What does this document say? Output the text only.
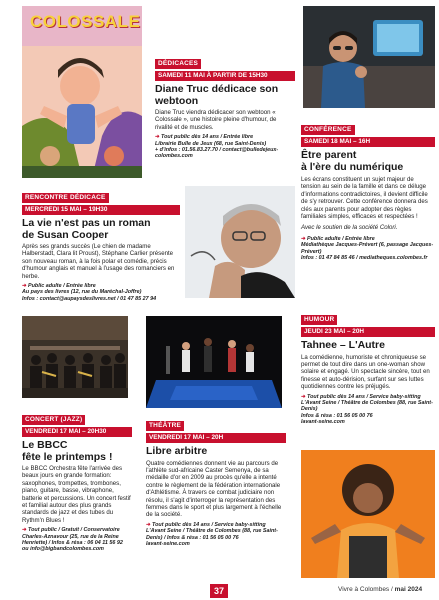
COLOSSALE
DÉDICACES
SAMEDI 11 MAI À PARTIR DE 15H30
Diane Truc dédicace son webtoon
Diane Truc viendra dédicacer son webtoon « Colossale », une histoire pleine d'humour, de rivalité et de muscles.
➜ Tout public dès 14 ans / Entrée libre
Librairie Bulle de Jeux (68, rue Saint-Denis)
+ d'infos : 01.56.83.27.70 / contact@bulledejeux-colombes.com
CONFÉRENCE
SAMEDI 18 MAI – 16H
Être parent
à l'ère du numérique
Les écrans constituent un sujet majeur de tension au sein de la famille et dans ce déluge d'informations contradictoires, il devient difficile de s'y retrouver. Cette conférence donnera des clés aux parents pour adopter des règles familiales simples, efficaces et respectées !
Avec le soutien de la société Colori.
➜ Public adulte / Entrée libre
Médiathèque Jacques-Prévert (6, passage Jacques-Prévert)
Infos : 01 47 84 85 46 / mediatheques.colombes.fr
RENCONTRE DÉDICACE
MERCREDI 15 MAI – 19H30
La vie n'est pas un roman
de Susan Cooper
Après ses grands succès (Le chien de madame Halberstadt, Clara lit Proust), Stéphane Carlier présente son nouveau roman, à la fois polar et comédie, précis d'humour anglais et manuel à l'usage des romanciers en herbe.
➜ Public adulte / Entrée libre
Au pays des livres (12, rue du Maréchal-Joffre)
Infos : contact@aupaysdeslivres.net / 01 47 85 27 94
HUMOUR
JEUDI 23 MAI – 20H
Tahnee – L'Autre
La comédienne, humoriste et chroniqueuse se permet de tout dire dans un one-woman show solaire et engagé. Un spectacle sincère, tout en finesse et auto-dérision, surfant sur ses luttes quotidiennes contre les préjugés.
➜ Tout public dès 14 ans / Service baby-sitting L'Avant Seine / Théâtre de Colombes (88, rue Saint-Denis)
Infos & résa : 01 56 05 00 76
lavant-seine.com
CONCERT (JAZZ)
VENDREDI 17 MAI – 20H30
Le BBCC
fête le printemps !
Le BBCC Orchestra fête l'arrivée des beaux jours en grande formation: saxophones, trompettes, trombones, piano, guitare, basse, vibraphone, batterie et percussions. Un concert festif et familial autour des plus grands standards de jazz et des tubes du Rythm'n Blues !
➜ Tout public / Gratuit / Conservatoire Charles-Aznavour (25, rue de la Reine Henriette) / Infos & résa : 06 04 11 56 92
ou info@bigbandcolombes.com
THÉÂTRE
VENDREDI 17 MAI – 20H
Libre arbitre
Quatre comédiennes donnent vie au parcours de l'athlète sud-africaine Caster Semenya, de sa médaille d'or en 2009 au procès qu'elle a intenté contre le règlement de la fédération internationale d'Athlétisme. À travers ce combat judiciaire non résolu, il s'agit d'interroger la représentation des femmes dans le sport et plus largement à l'échelle de la société.
➜ Tout public dès 14 ans / Service baby-sitting L'Avant Seine / Théâtre de Colombes (88, rue Saint-Denis) / Infos & résa : 01 56 05 00 76
lavant-seine.com
37	Vivre à Colombes / mai 2024
